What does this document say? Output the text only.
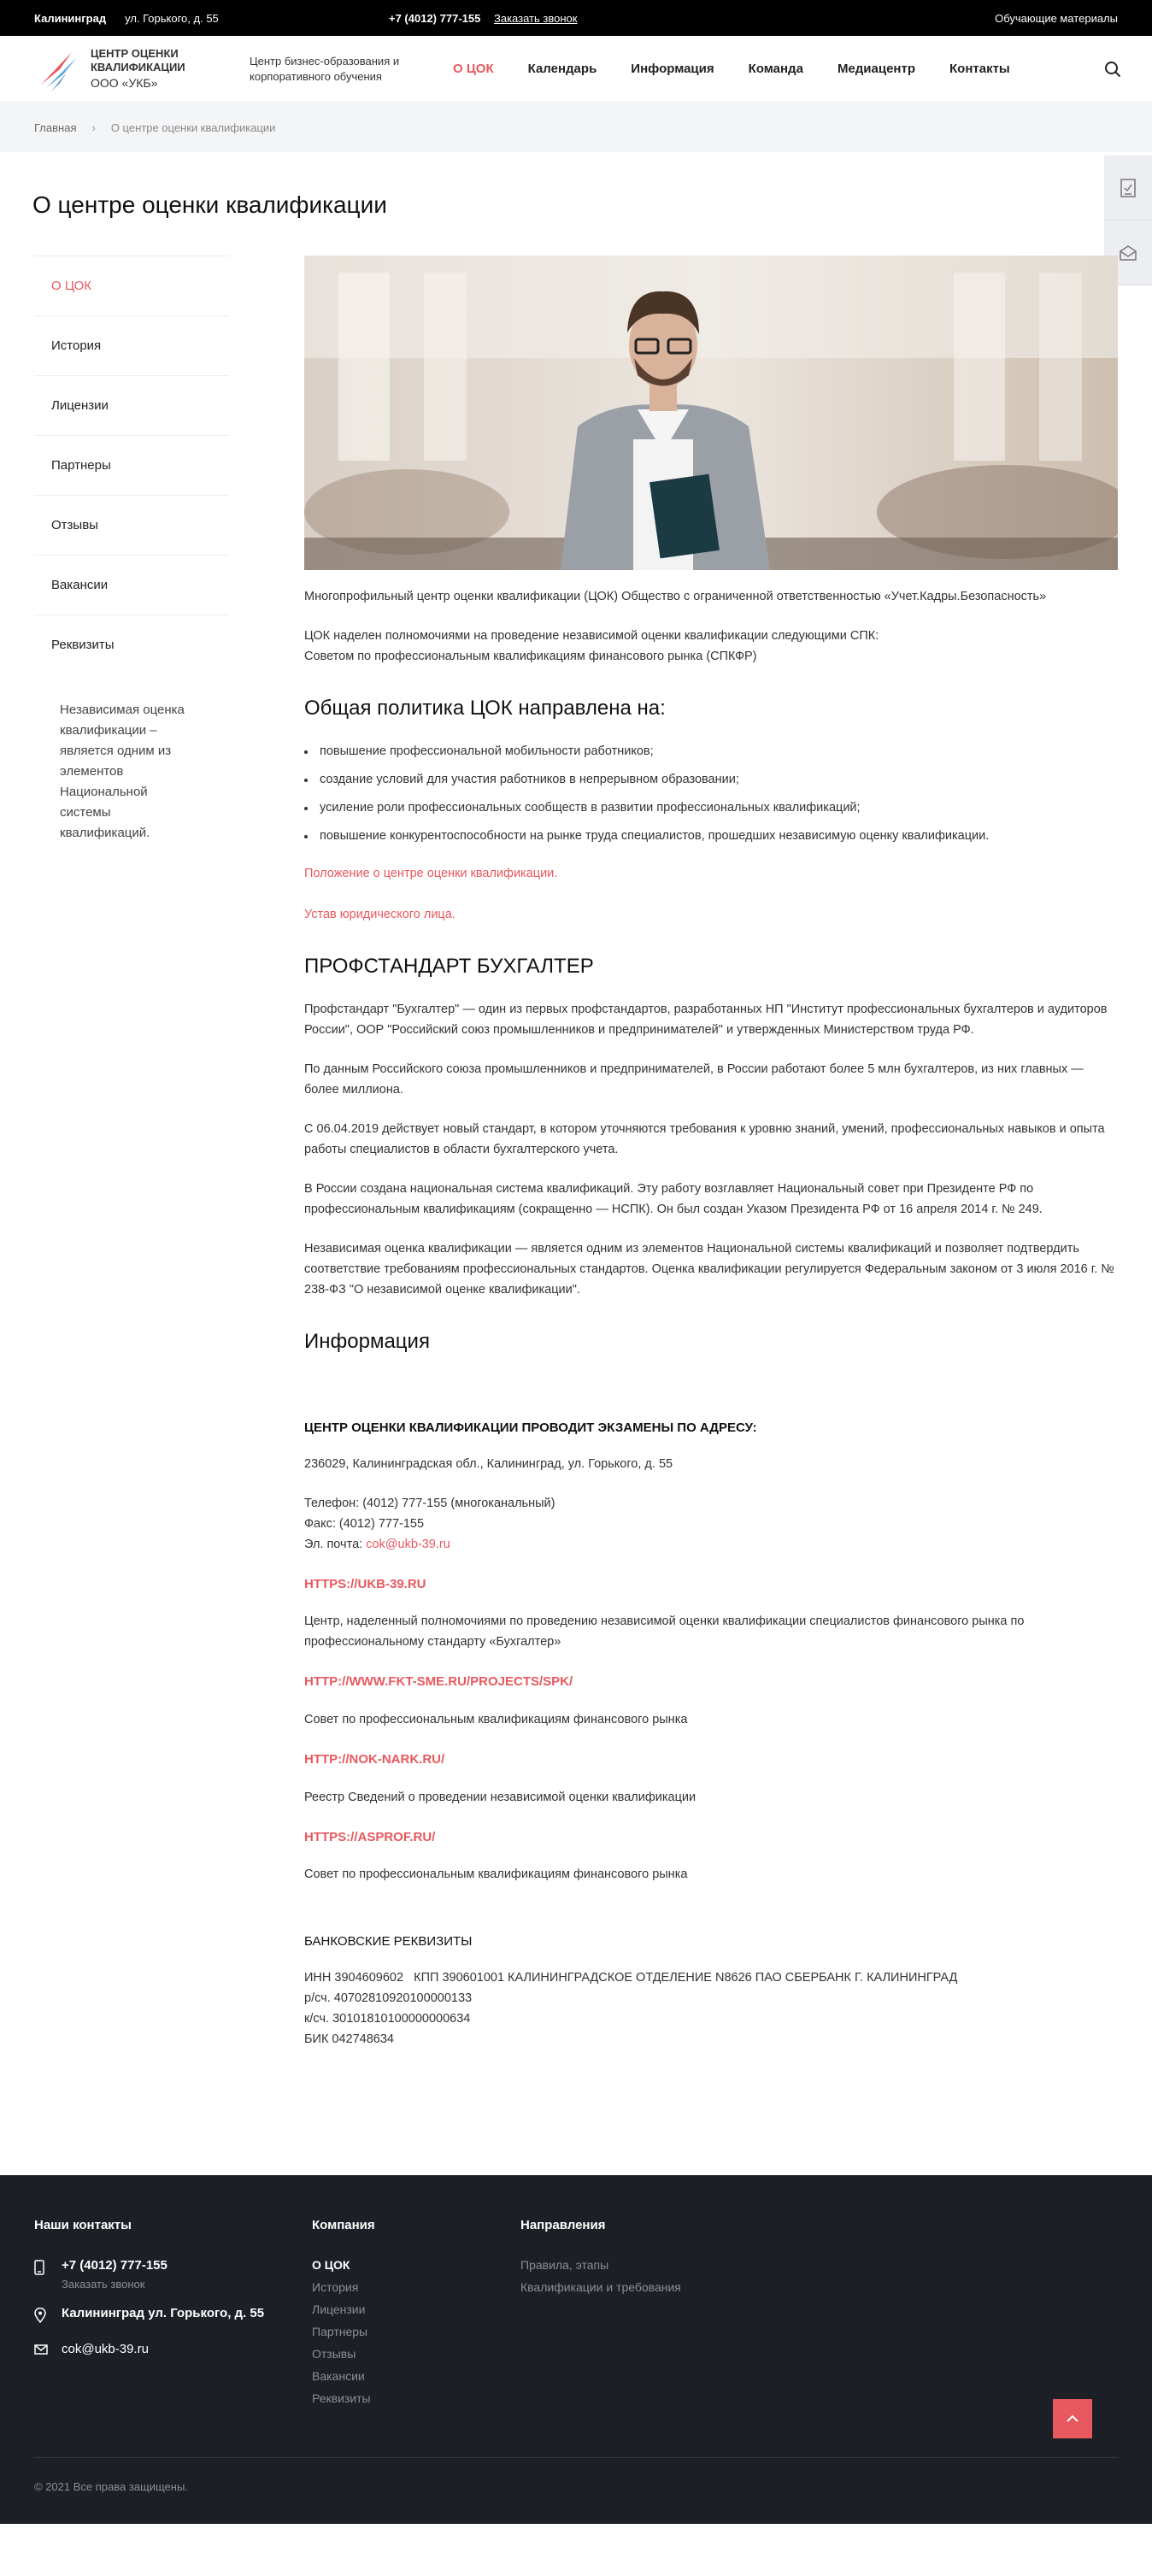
Калининград ул. Горького, д. 55	+7 (4012) 777-155 Заказать звонок	Обучающие материалы
ЦЕНТР ОЦЕНКИ
КВАЛИФИКАЦИИ
ООО «УКБ»
Центр бизнес-образования и корпоративного обучения	О ЦОК	Календарь	Информация	Команда	Медиацентр	Контакты
Главная › О центре оценки квалификации
О центре оценки квалификации
О ЦОК
История
Лицензии
Партнеры
Отзывы
Вакансии
Реквизиты
Независимая оценка квалификации – является одним из элементов Национальной системы квалификаций.

Многопрофильный центр оценки квалификации (ЦОК) Общество с ограниченной ответственностью «Учет.Кадры.Безопасность»

ЦОК наделен полномочиями на проведение независимой оценки квалификации следующими СПК:
Советом по профессиональным квалификациям финансового рынка (СПКФР)

Общая политика ЦОК направлена на:
повышение профессиональной мобильности работников;
создание условий для участия работников в непрерывном образовании;
усиление роли профессиональных сообществ в развитии профессиональных квалификаций;
повышение конкурентоспособности на рынке труда специалистов, прошедших независимую оценку квалификации.
Положение о центре оценки квалификации.
Устав юридического лица.
ПРОФСТАНДАРТ БУХГАЛТЕР

Профстандарт "Бухгалтер" — один из первых профстандартов, разработанных НП "Институт профессиональных бухгалтеров и аудиторов России", ООР "Российский союз промышленников и предпринимателей" и утвержденных Министерством труда РФ.

По данным Российского союза промышленников и предпринимателей, в России работают более 5 млн бухгалтеров, из них главных — более миллиона.

С 06.04.2019 действует новый стандарт, в котором уточняются требования к уровню знаний, умений, профессиональных навыков и опыта работы специалистов в области бухгалтерского учета.

В России создана национальная система квалификаций. Эту работу возглавляет Национальный совет при Президенте РФ по профессиональным квалификациям (сокращенно — НСПК). Он был создан Указом Президента РФ от 16 апреля 2014 г. № 249.

Независимая оценка квалификации — является одним из элементов Национальной системы квалификаций и позволяет подтвердить соответствие требованиям профессиональных стандартов. Оценка квалификации регулируется Федеральным законом от 3 июля 2016 г. № 238-ФЗ "О независимой оценке квалификации".

Информация
ЦЕНТР ОЦЕНКИ КВАЛИФИКАЦИИ ПРОВОДИТ ЭКЗАМЕНЫ ПО АДРЕСУ:

236029, Калининградская обл., Калининград, ул. Горького, д. 55

Телефон: (4012) 777-155 (многоканальный)
Факс: (4012) 777-155
Эл. почта: cok@ukb-39.ru

HTTPS://UKB-39.RU

Центр, наделенный полномочиями по проведению независимой оценки квалификации специалистов финансового рынка по профессиональному стандарту «Бухгалтер»

HTTP://WWW.FKT-SME.RU/PROJECTS/SPK/

Совет по профессиональным квалификациям финансового рынка

HTTP://NOK-NARK.RU/

Реестр Сведений о проведении независимой оценки квалификации

HTTPS://ASPROF.RU/

Совет по профессиональным квалификациям финансового рынка

БАНКОВСКИЕ РЕКВИЗИТЫ

ИНН 3904609602   КПП 390601001 КАЛИНИНГРАДСКОЕ ОТДЕЛЕНИЕ N8626 ПАО СБЕРБАНК Г. КАЛИНИНГРАД
р/сч. 40702810920100000133
к/сч. 30101810100000000634
БИК 042748634

Наши контакты
+7 (4012) 777-155
Заказать звонок
Калининград ул. Горького, д. 55
cok@ukb-39.ru
Компания
О ЦОК
История
Лицензии
Партнеры
Отзывы
Вакансии
Реквизиты
Направления
Правила, этапы
Квалификации и требования
© 2021 Все права защищены.
